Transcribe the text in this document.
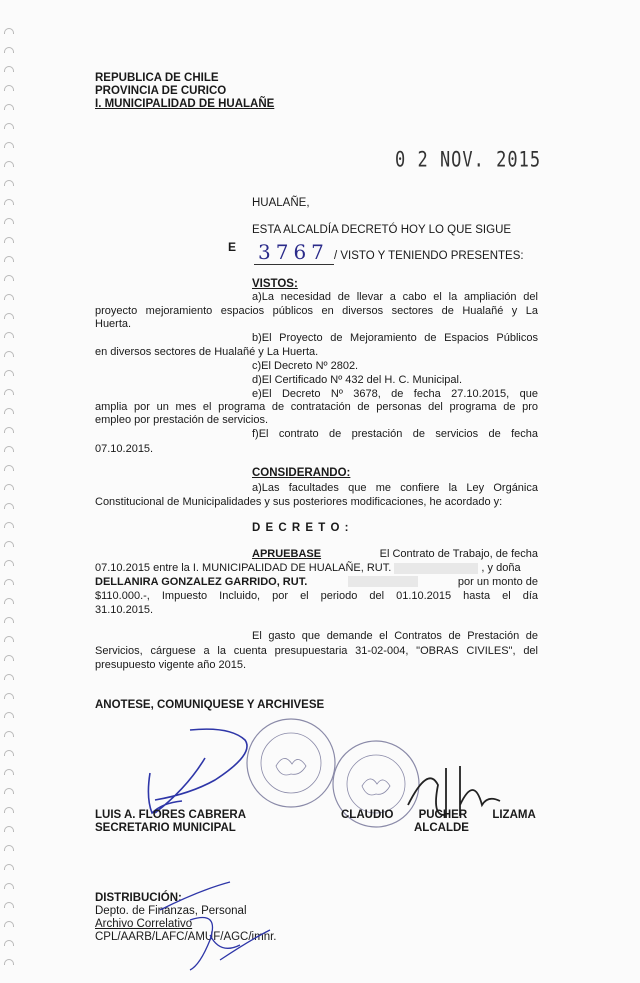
REPUBLICA DE CHILE
PROVINCIA DE CURICO
I. MUNICIPALIDAD DE HUALAÑE
0 2 NOV. 2015
HUALAÑE,
ESTA ALCALDÍA DECRETÓ HOY LO QUE SIGUE
E 3767 / VISTO Y TENIENDO PRESENTES:
VISTOS:
a)La necesidad de llevar a cabo el la ampliación del
proyecto mejoramiento espacios públicos en diversos sectores de Hualañé y La
Huerta.
b)El Proyecto de Mejoramiento de Espacios Públicos
en diversos sectores de Hualañé y La Huerta.
c)El Decreto Nº 2802.
d)El Certificado Nº 432 del H. C. Municipal.
e)El Decreto Nº 3678, de fecha 27.10.2015, que
amplia por un mes el programa de contratación de personas del programa de pro
empleo por prestación de servicios.
f)El contrato de prestación de servicios de fecha
07.10.2015.
CONSIDERANDO:
a)Las facultades que me confiere la Ley Orgánica
Constitucional de Municipalidades y sus posteriores modificaciones, he acordado y:
D E C R E T O :
APRUEBASE	El Contrato de Trabajo, de fecha
07.10.2015 entre la I. MUNICIPALIDAD DE HUALAÑE, RUT.	, y doña
DELLANIRA GONZALEZ GARRIDO, RUT.	por un monto de
$110.000.-, Impuesto Incluido, por el periodo del 01.10.2015 hasta el día
31.10.2015.
El gasto que demande el Contratos de Prestación de
Servicios, cárguese a la cuenta presupuestaria 31-02-004, "OBRAS CIVILES", del
presupuesto vigente año 2015.
ANOTESE, COMUNIQUESE Y ARCHIVESE
LUIS A. FLORES CABRERA
SECRETARIO MUNICIPAL
CLAUDIO PUCHER LIZAMA
ALCALDE
DISTRIBUCIÓN:
Depto. de Finanzas, Personal
Archivo Correlativo
CPL/AARB/LAFC/AMUF/AGC/imnr.
